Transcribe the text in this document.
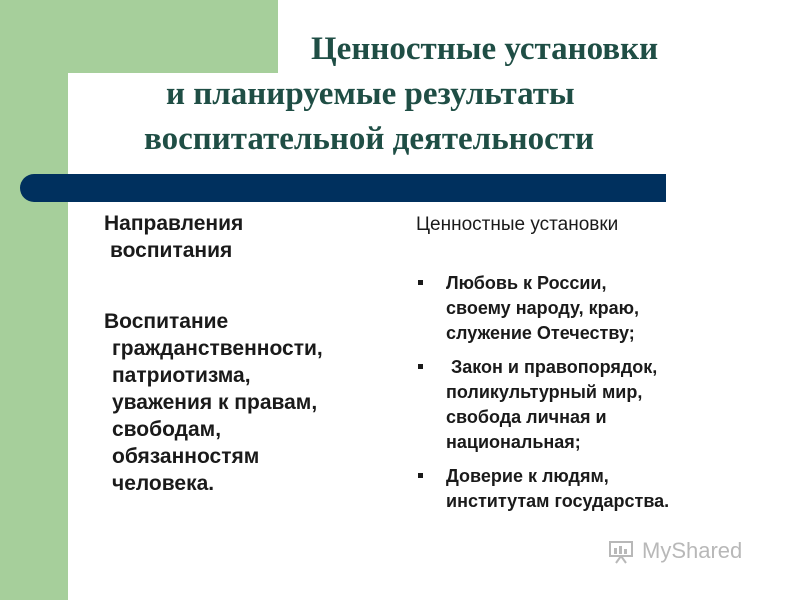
Ценностные установки
и планируемые результаты
воспитательной деятельности
Направления
воспитания
Воспитание
гражданственности,
патриотизма,
уважения к правам,
свободам,
обязанностям
человека.
Ценностные установки
Любовь к России,
своему народу, краю,
служение Отечеству;
Закон и правопорядок,
поликультурный мир,
свобода личная и
национальная;
Доверие к людям,
институтам государства.
MyShared
